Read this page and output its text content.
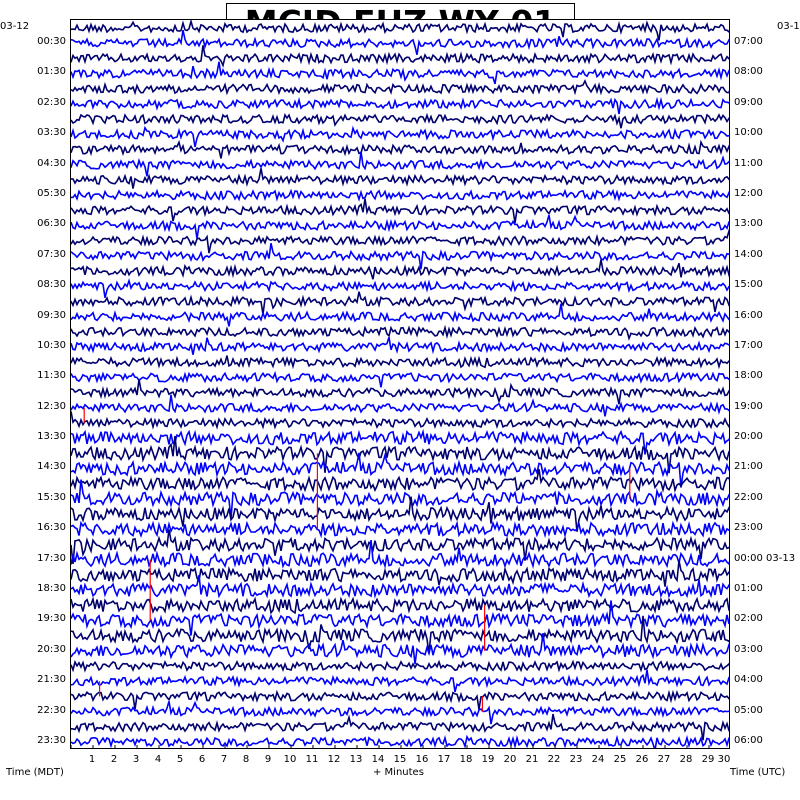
03-12	03-1
00:30
01:30
02:30
03:30
04:30
05:30
06:30
07:30
08:30
09:30
10:30
11:30
12:30
13:30
14:30
15:30
16:30
17:30
18:30
19:30
20:30
21:30
22:30
23:30
07:00
08:00
09:00
10:00
11:00
12:00
13:00
14:00
15:00
16:00
17:00
18:00
19:00
20:00
21:00
22:00
23:00
00:00 03-13
01:00
02:00
03:00
04:00
05:00
06:00
1 2 3 4 5 6 7 8 9 10 11 12 13 14 15 16 17 18 19 20 21 22 23 24 25 26 27 28 29 30
Time (MDT)	+ Minutes	Time (UTC)
